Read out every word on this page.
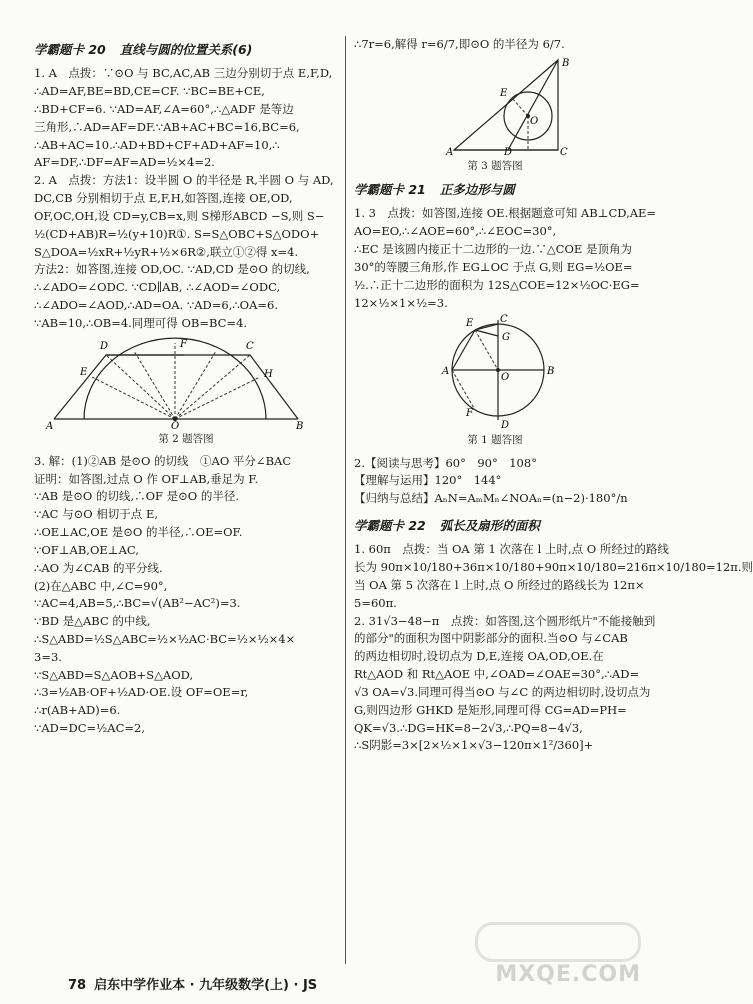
学霸题卡 20 直线与圆的位置关系(6)
1. A　点拨：∵⊙O 与 BC,AC,AB 三边分别切于点 E,F,D,
∴AD=AF,BE=BD,CE=CF. ∵BC=BE+CE,
∴BD+CF=6. ∵AD=AF,∠A=60°,∴△ADF 是等边
三角形,∴AD=AF=DF.∵AB+AC+BC=16,BC=6,
∴AB+AC=10.∴AD+BD+CF+AD+AF=10,∴
AF=DF,∴DF=AF=AD=½×4=2.
2. A　点拨：方法1：设半圆 O 的半径是 R,半圆 O 与 AD,
DC,CB 分别相切于点 E,F,H,如答图,连接 OE,OD,
OF,OC,OH,设 CD=y,CB=x,则 S梯形ABCD −S,则 S−
½(CD+AB)R=½(y+10)R①. S=S△OBC+S△ODO+
S△DOA=½xR+½yR+½×6R②,联立①②得 x=4.
方法2：如答图,连接 OD,OC. ∵AD,CD 是⊙O 的切线,
∴∠ADO=∠ODC. ∵CD∥AB, ∴∠AOD=∠ODC,
∴∠ADO=∠AOD,∴AD=OA. ∵AD=6,∴OA=6.
∵AB=10,∴OB=4.同理可得 OB=BC=4.
D	F	C
E	H
A	O	B
第 2 题答图
3. 解：(1)②AB 是⊙O 的切线　①AO 平分∠BAC
证明：如答图,过点 O 作 OF⊥AB,垂足为 F.
∵AB 是⊙O 的切线,∴OF 是⊙O 的半径.
∵AC 与⊙O 相切于点 E,
∴OE⊥AC,OE 是⊙O 的半径,∴OE=OF.
∵OF⊥AB,OE⊥AC,
∴AO 为∠CAB 的平分线.
(2)在△ABC 中,∠C=90°,
∵AC=4,AB=5,∴BC=√(AB²−AC²)=3.
∵BD 是△ABC 的中线,
∴S△ABD=½S△ABC=½×½AC·BC=½×½×4×
3=3.
∵S△ABD=S△AOB+S△AOD,
∴3=½AB·OF+½AD·OE.设 OF=OE=r,
∴r(AB+AD)=6.
∵AD=DC=½AC=2,
∴7r=6,解得 r=6/7,即⊙O 的半径为 6/7.
B
E
O
A	D	C
第 3 题答图
学霸题卡 21 正多边形与圆
1. 3　点拨：如答图,连接 OE.根据题意可知 AB⊥CD,AE=
AO=EO,∴∠AOE=60°,∴∠EOC=30°,
∴EC 是该圆内接正十二边形的一边.∵△COE 是顶角为
30°的等腰三角形,作 EG⊥OC 于点 G,则 EG=½OE=
½.∴正十二边形的面积为 12S△COE=12×½OC·EG=
12×½×1×½=3.
E	C
G
A
O
B
F
D
第 1 题答图
2.【阅读与思考】60°　90°　108°
【理解与运用】120°　144°
【归纳与总结】AₙN=AₘMₙ∠NOAₙ=(n−2)·180°/n
学霸题卡 22 弧长及扇形的面积
1. 60π　点拨：当 OA 第 1 次落在 l 上时,点 O 所经过的路线
长为 90π×10/180+36π×10/180+90π×10/180=216π×10/180=12π.则
当 OA 第 5 次落在 l 上时,点 O 所经过的路线长为 12π×
5=60π.
2. 31√3−48−π　点拨：如答图,这个圆形纸片"不能接触到
的部分"的面积为图中阴影部分的面积.当⊙O 与∠CAB
的两边相切时,设切点为 D,E,连接 OA,OD,OE.在
Rt△AOD 和 Rt△AOE 中,∠OAD=∠OAE=30°,∴AD=
√3 OA=√3.同理可得当⊙O 与∠C 的两边相切时,设切点为
G,则四边形 GHKD 是矩形,同理可得 CG=AD=PH=
QK=√3.∴DG=HK=8−2√3,∴PQ=8−4√3,
∴S阴影=3×[2×½×1×√3−120π×1²/360]+
78 启东中学作业本 · 九年级数学(上) · JS	MXQE.COM
